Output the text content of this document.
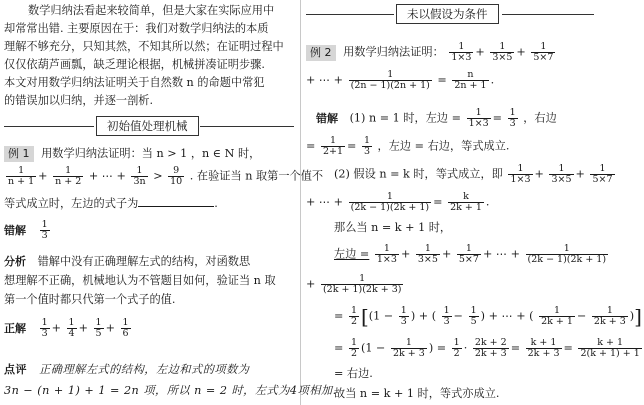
数学归纳法看起来较简单，但是大家在实际应用中
却常常出错. 主要原因在于：我们对数学归纳法的本质
理解不够充分，只知其然，不知其所以然；在证明过程中
仅仅依葫芦画瓢，缺乏理论根据，机械拼凑证明步骤.
本文对用数学归纳法证明关于自然数 n 的命题中常犯
的错误加以归纳，并逐一剖析.
初始值处理机械
例 1 用数学归纳法证明：当 n > 1 ，n ∈ N 时，
$\frac{1}{n + 1} + \frac{1}{n + 2}$ + ⋯ + $\frac{1}{3n} > \frac{9}{10}$ . 在验证当 n 取第一个值不
等式成立时，左边的式子为	.
错解 $\frac{1}{3}$
分析 错解中没有正确理解左式的结构，对函数思
想理解不正确，机械地认为不管题目如何，验证当 n 取
第一个值时都只代第一个式子的值.
正解 $\frac{1}{3} + \frac{1}{4} + \frac{1}{5} + \frac{1}{6}$
点评 正确理解左式的结构，左边和式的项数为
3n − (n + 1) + 1 = 2n 项，所以 n = 2 时，左式为4项相加.
未以假设为条件
例 2 用数学归纳法证明： $\frac{1}{1\times 3} + \frac{1}{3\times 5} + \frac{1}{5\times 7}$
+ ⋯ + $\frac{1}{(2n - 1)(2n + 1)} = \frac{n}{2n + 1}$ .
错解 (1) n = 1 时，左边 = $\frac{1}{1\times 3} = \frac{1}{3}$ ，右边
= $\frac{1}{2+1} = \frac{1}{3}$ ，左边 = 右边，等式成立.
(2) 假设 n = k 时，等式成立，即 $\frac{1}{1\times 3} + \frac{1}{3\times 5} + \frac{1}{5\times 7}$
+ ⋯ + $\frac{1}{(2k - 1)(2k + 1)} = \frac{k}{2k + 1}$ .
那么当 n = k + 1 时，
左边 = $\frac{1}{1\times 3} + \frac{1}{3\times 5} + \frac{1}{5\times 7}$ + ⋯ + $\frac{1}{(2k - 1)(2k + 1)}$
+ $\frac{1}{(2k + 1)(2k + 3)}$
= $\frac{1}{2} [(1 - \frac{1}{3}$ ) + ( $\frac{1}{3} - \frac{1}{5}$ ) + ⋯ + ( $\frac{1}{2k + 1} - \frac{1}{2k + 3}$ )]
= $\frac{1}{2} (1 - \frac{1}{2k + 3}$ ) = $\frac{1}{2} \cdot \frac{2k + 2}{2k + 3} = \frac{k + 1}{2k + 3} = \frac{k + 1}{2(k + 1) + 1}$
= 右边.
故当 n = k + 1 时，等式亦成立.
